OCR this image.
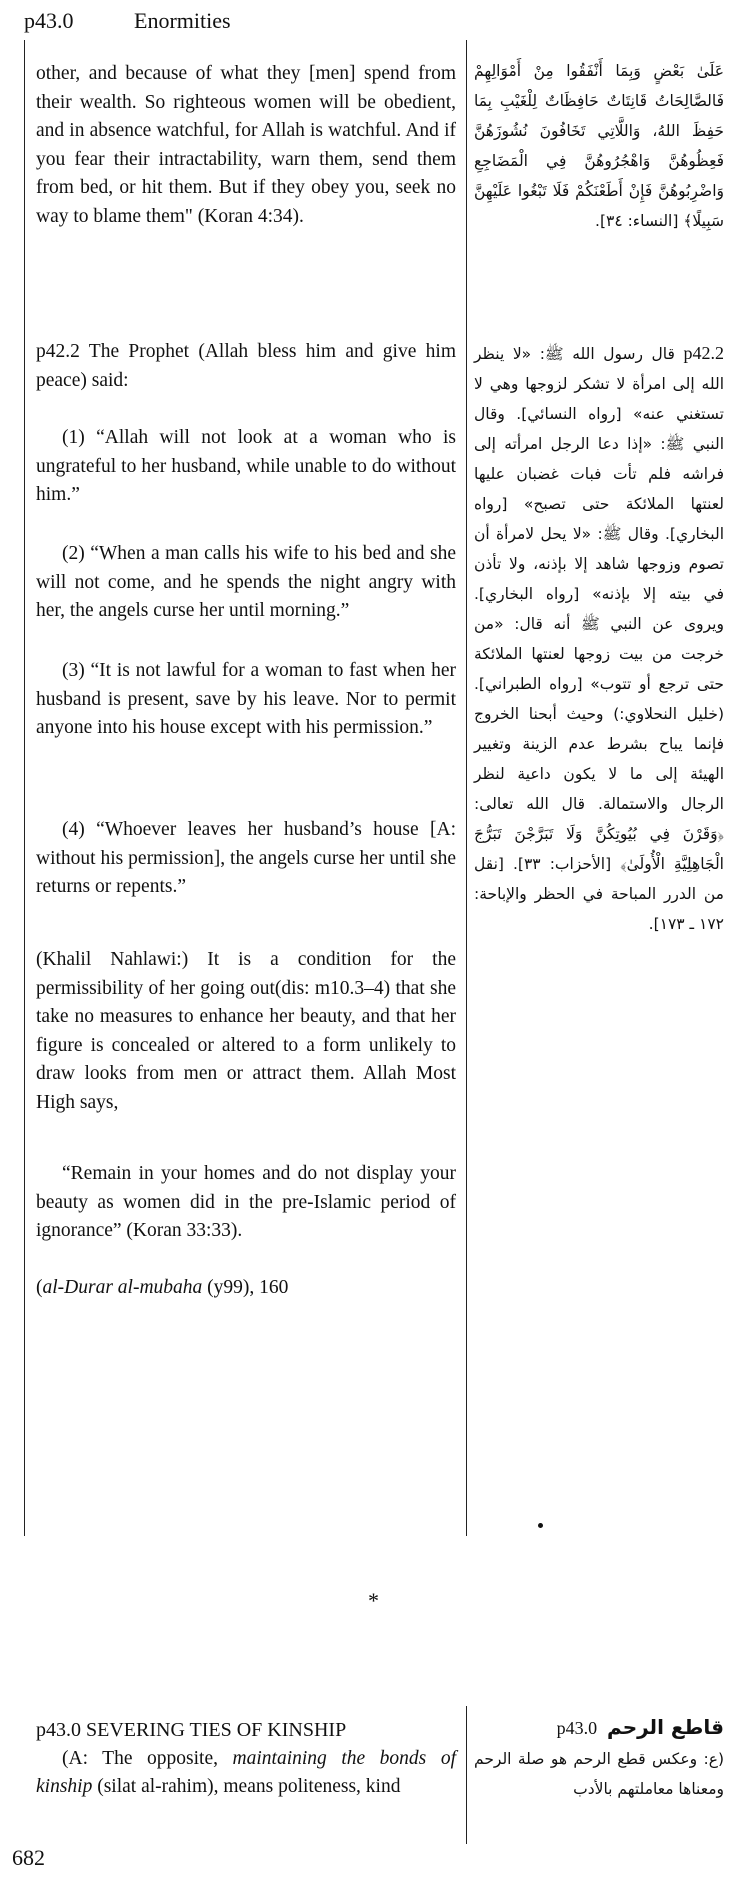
p43.0	Enormities

other, and because of what they [men] spend from their wealth. So righteous women will be obedient, and in absence watchful, for Allah is watchful. And if you fear their intractability, warn them, send them from bed, or hit them. But if they obey you, seek no way to blame them" (Koran 4:34).

p42.2 The Prophet (Allah bless him and give him peace) said:

(1) “Allah will not look at a woman who is ungrateful to her husband, while unable to do without him.”

(2) “When a man calls his wife to his bed and she will not come, and he spends the night angry with her, the angels curse her until morning.”

(3) “It is not lawful for a woman to fast when her husband is present, save by his leave. Nor to permit anyone into his house except with his permission.”

(4) “Whoever leaves her husband’s house [A: without his permission], the angels curse her until she returns or repents.”

(Khalil Nahlawi:) It is a condition for the permissibility of her going out(dis: m10.3–4) that she take no measures to enhance her beauty, and that her figure is concealed or altered to a form unlikely to draw looks from men or attract them. Allah Most High says,

“Remain in your homes and do not display your beauty as women did in the pre-Islamic period of ignorance” (Koran 33:33).

(al-Durar al-mubaha (y99), 160

عَلَىٰ بَعْضٍ وَبِمَا أَنْفَقُوا مِنْ أَمْوَالِهِمْ فَالصَّالِحَاتُ قَانِتَاتٌ حَافِظَاتٌ لِلْغَيْبِ بِمَا حَفِظَ اللهُ، وَاللَّاتِي تَخَافُونَ نُشُوزَهُنَّ فَعِظُوهُنَّ وَاهْجُرُوهُنَّ فِي الْمَضَاجِعِ وَاضْرِبُوهُنَّ فَإِنْ أَطَعْنَكُمْ فَلَا تَبْغُوا عَلَيْهِنَّ سَبِيلًا﴾ [النساء: ٣٤].

p42.2 قال رسول الله ﷺ: «لا ينظر الله إلى امرأة لا تشكر لزوجها وهي لا تستغني عنه» [رواه النسائي]. وقال النبي ﷺ: «إذا دعا الرجل امرأته إلى فراشه فلم تأت فبات غضبان عليها لعنتها الملائكة حتى تصبح» [رواه البخاري]. وقال ﷺ: «لا يحل لامرأة أن تصوم وزوجها شاهد إلا بإذنه، ولا تأذن في بيته إلا بإذنه» [رواه البخاري]. ويروى عن النبي ﷺ أنه قال: «من خرجت من بيت زوجها لعنتها الملائكة حتى ترجع أو تتوب» [رواه الطبراني]. (خليل النحلاوي:) وحيث أبحنا الخروج فإنما يباح بشرط عدم الزينة وتغيير الهيئة إلى ما لا يكون داعية لنظر الرجال والاستمالة. قال الله تعالى: ﴿وَقَرْنَ فِي بُيُوتِكُنَّ وَلَا تَبَرَّجْنَ تَبَرُّجَ الْجَاهِلِيَّةِ الْأُولَىٰ﴾ [الأحزاب: ٣٣]. [نقل من الدرر المباحة في الحظر والإباحة: ١٧٢ ـ ١٧٣].

*

p43.0 SEVERING TIES OF KINSHIP

(A: The opposite, maintaining the bonds of kinship (silat al-rahim), means politeness, kind

قاطع الرحم  p43.0

(ع: وعكس قطع الرحم هو صلة الرحم ومعناها معاملتهم بالأدب

682
